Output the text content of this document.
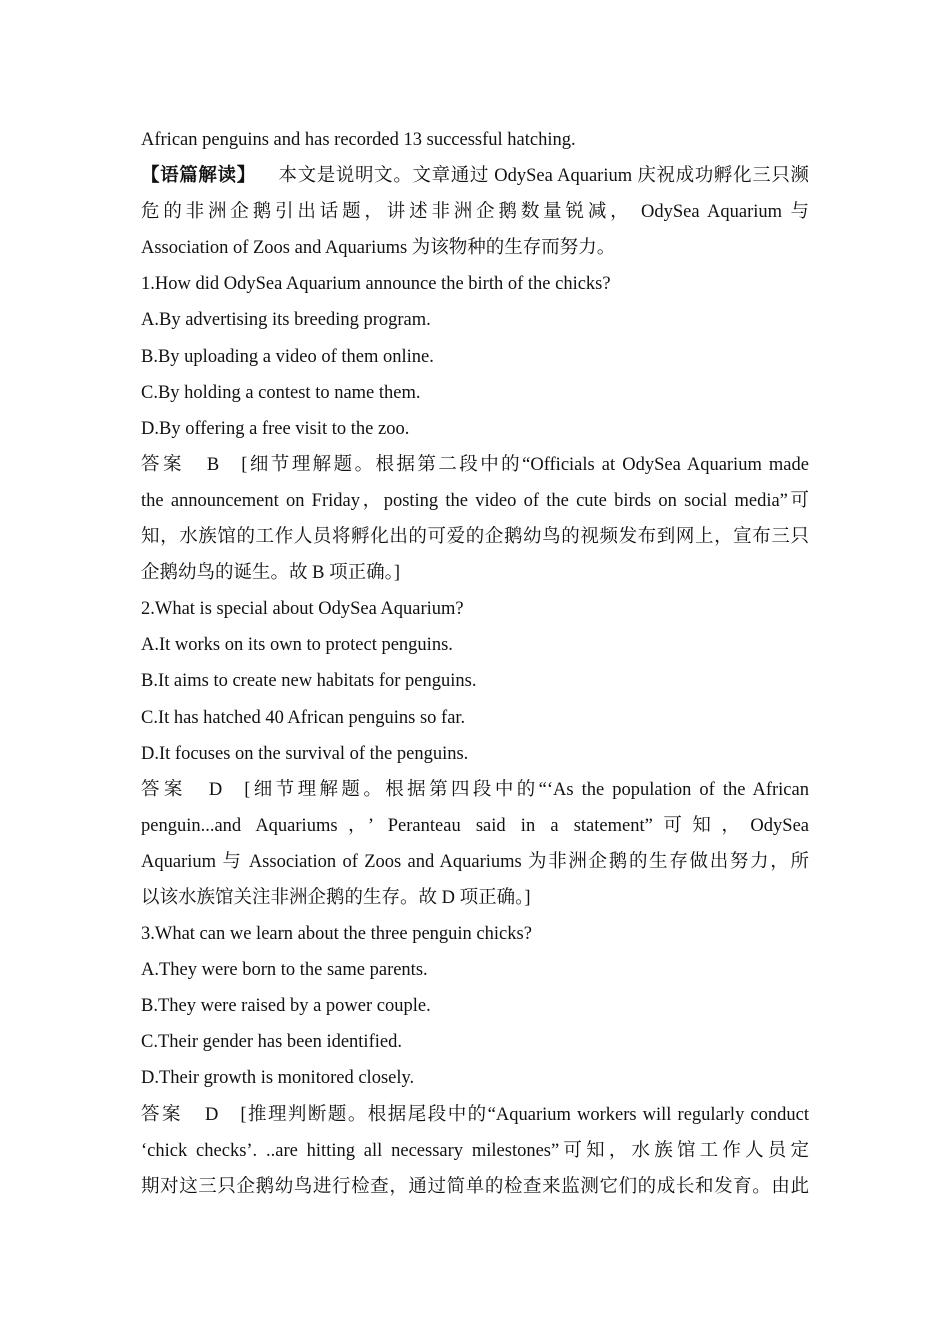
African penguins and has recorded 13 successful hatching.

【语篇解读】 本文是说明文。文章通过 OdySea Aquarium 庆祝成功孵化三只濒

危的非洲企鹅引出话题，讲述非洲企鹅数量锐减， OdySea Aquarium 与

Association of Zoos and Aquariums 为该物种的生存而努力。

1.How did OdySea Aquarium announce the birth of the chicks?

A.By advertising its breeding program.

B.By uploading a video of them online.

C.By holding a contest to name them.

D.By offering a free visit to the zoo.

答案 B [细节理解题。根据第二段中的“Officials at OdySea Aquarium made

the announcement on Friday，posting the video of the cute birds on social media”可

知，水族馆的工作人员将孵化出的可爱的企鹅幼鸟的视频发布到网上，宣布三只

企鹅幼鸟的诞生。故 B 项正确。]

2.What is special about OdySea Aquarium?

A.It works on its own to protect penguins.

B.It aims to create new habitats for penguins.

C.It has hatched 40 African penguins so far.

D.It focuses on the survival of the penguins.

答案 D [细节理解题。根据第四段中的“‘As the population of the African

penguin...and Aquariums，’ Peranteau said in a statement”可知，OdySea

Aquarium 与 Association of Zoos and Aquariums 为非洲企鹅的生存做出努力，所

以该水族馆关注非洲企鹅的生存。故 D 项正确。]

3.What can we learn about the three penguin chicks?

A.They were born to the same parents.

B.They were raised by a power couple.

C.Their gender has been identified.

D.Their growth is monitored closely.

答案 D [推理判断题。根据尾段中的“Aquarium workers will regularly conduct

‘chick checks’. ..are hitting all necessary milestones”可知，水族馆工作人员定

期对这三只企鹅幼鸟进行检查，通过简单的检查来监测它们的成长和发育。由此
